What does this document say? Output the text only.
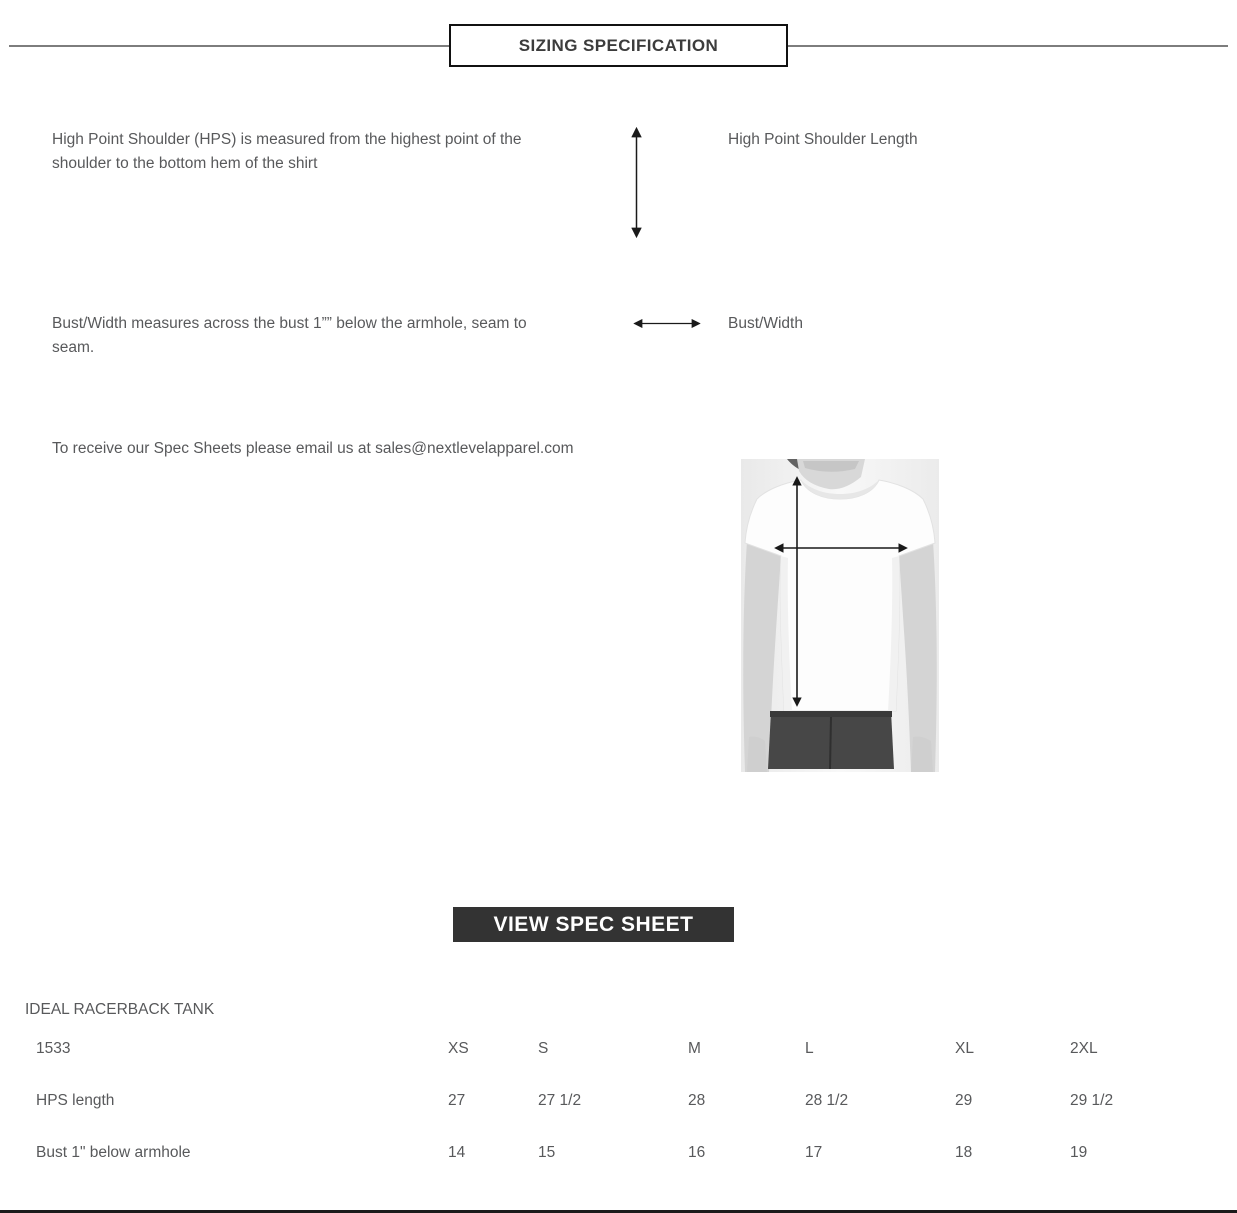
SIZING SPECIFICATION

High Point Shoulder (HPS) is measured from the highest point of the shoulder to the bottom hem of the shirt

High Point Shoulder Length

Bust/Width measures across the bust 1”” below the armhole, seam to seam.

Bust/Width

To receive our Spec Sheets please email us at sales@nextlevelapparel.com

VIEW SPEC SHEET
IDEAL RACERBACK TANK
1533	XS	S	M	L	XL	2XL
HPS length	27	27 1/2	28	28 1/2	29	29 1/2
Bust 1" below armhole	14	15	16	17	18	19
